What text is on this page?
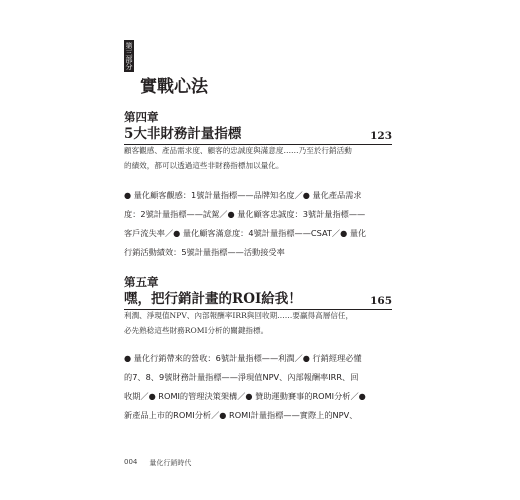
第三部分
實戰心法
第四章
5大非財務計量指標	123
顧客觀感、產品需求度、顧客的忠誠度與滿意度……乃至於行銷活動
的績效，都可以透過這些非財務指標加以量化。
● 量化顧客觀感：1號計量指標——品牌知名度／● 量化產品需求
度：2號計量指標——試駕／● 量化顧客忠誠度：3號計量指標——
客戶流失率／● 量化顧客滿意度：4號計量指標——CSAT／● 量化
行銷活動績效：5號計量指標——活動接受率
第五章
嘿，把行銷計畫的ROI給我！	165
利潤、淨現值NPV、內部報酬率IRR與回收期……要贏得高層信任，
必先熟稔這些財務ROMI分析的關鍵指標。
● 量化行銷帶來的營收：6號計量指標——利潤／● 行銷經理必懂
的7、8、9號財務計量指標——淨現值NPV、內部報酬率IRR、回
收期／● ROMI的管理決策架構／● 贊助運動賽事的ROMI分析／●
新產品上市的ROMI分析／● ROMI計量指標——實際上的NPV、
004 量化行銷時代
